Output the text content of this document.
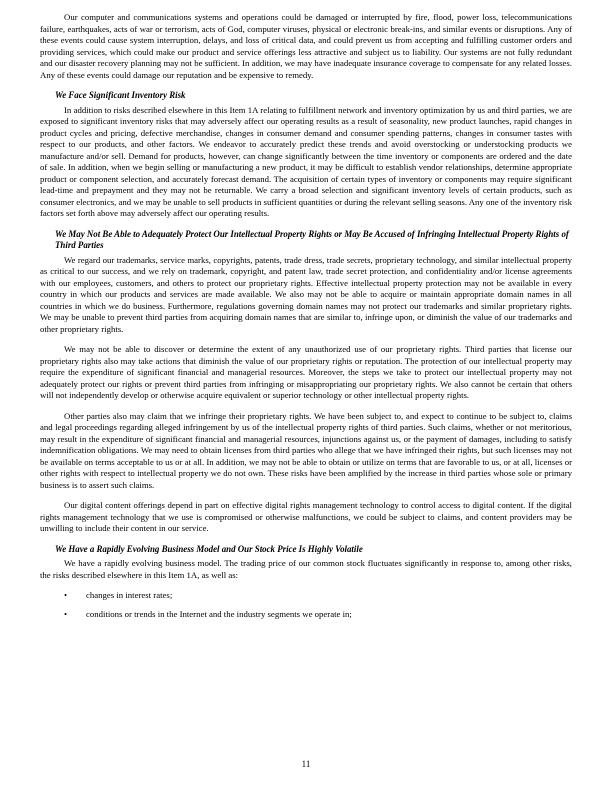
Our computer and communications systems and operations could be damaged or interrupted by fire, flood, power loss, telecommunications failure, earthquakes, acts of war or terrorism, acts of God, computer viruses, physical or electronic break-ins, and similar events or disruptions. Any of these events could cause system interruption, delays, and loss of critical data, and could prevent us from accepting and fulfilling customer orders and providing services, which could make our product and service offerings less attractive and subject us to liability. Our systems are not fully redundant and our disaster recovery planning may not be sufficient. In addition, we may have inadequate insurance coverage to compensate for any related losses. Any of these events could damage our reputation and be expensive to remedy.

We Face Significant Inventory Risk

In addition to risks described elsewhere in this Item 1A relating to fulfillment network and inventory optimization by us and third parties, we are exposed to significant inventory risks that may adversely affect our operating results as a result of seasonality, new product launches, rapid changes in product cycles and pricing, defective merchandise, changes in consumer demand and consumer spending patterns, changes in consumer tastes with respect to our products, and other factors. We endeavor to accurately predict these trends and avoid overstocking or understocking products we manufacture and/or sell. Demand for products, however, can change significantly between the time inventory or components are ordered and the date of sale. In addition, when we begin selling or manufacturing a new product, it may be difficult to establish vendor relationships, determine appropriate product or component selection, and accurately forecast demand. The acquisition of certain types of inventory or components may require significant lead-time and prepayment and they may not be returnable. We carry a broad selection and significant inventory levels of certain products, such as consumer electronics, and we may be unable to sell products in sufficient quantities or during the relevant selling seasons. Any one of the inventory risk factors set forth above may adversely affect our operating results.

We May Not Be Able to Adequately Protect Our Intellectual Property Rights or May Be Accused of Infringing Intellectual Property Rights of Third Parties

We regard our trademarks, service marks, copyrights, patents, trade dress, trade secrets, proprietary technology, and similar intellectual property as critical to our success, and we rely on trademark, copyright, and patent law, trade secret protection, and confidentiality and/or license agreements with our employees, customers, and others to protect our proprietary rights. Effective intellectual property protection may not be available in every country in which our products and services are made available. We also may not be able to acquire or maintain appropriate domain names in all countries in which we do business. Furthermore, regulations governing domain names may not protect our trademarks and similar proprietary rights. We may be unable to prevent third parties from acquiring domain names that are similar to, infringe upon, or diminish the value of our trademarks and other proprietary rights.

We may not be able to discover or determine the extent of any unauthorized use of our proprietary rights. Third parties that license our proprietary rights also may take actions that diminish the value of our proprietary rights or reputation. The protection of our intellectual property may require the expenditure of significant financial and managerial resources. Moreover, the steps we take to protect our intellectual property may not adequately protect our rights or prevent third parties from infringing or misappropriating our proprietary rights. We also cannot be certain that others will not independently develop or otherwise acquire equivalent or superior technology or other intellectual property rights.

Other parties also may claim that we infringe their proprietary rights. We have been subject to, and expect to continue to be subject to, claims and legal proceedings regarding alleged infringement by us of the intellectual property rights of third parties. Such claims, whether or not meritorious, may result in the expenditure of significant financial and managerial resources, injunctions against us, or the payment of damages, including to satisfy indemnification obligations. We may need to obtain licenses from third parties who allege that we have infringed their rights, but such licenses may not be available on terms acceptable to us or at all. In addition, we may not be able to obtain or utilize on terms that are favorable to us, or at all, licenses or other rights with respect to intellectual property we do not own. These risks have been amplified by the increase in third parties whose sole or primary business is to assert such claims.

Our digital content offerings depend in part on effective digital rights management technology to control access to digital content. If the digital rights management technology that we use is compromised or otherwise malfunctions, we could be subject to claims, and content providers may be unwilling to include their content in our service.

We Have a Rapidly Evolving Business Model and Our Stock Price Is Highly Volatile

We have a rapidly evolving business model. The trading price of our common stock fluctuates significantly in response to, among other risks, the risks described elsewhere in this Item 1A, as well as:

• changes in interest rates;
• conditions or trends in the Internet and the industry segments we operate in;
11
